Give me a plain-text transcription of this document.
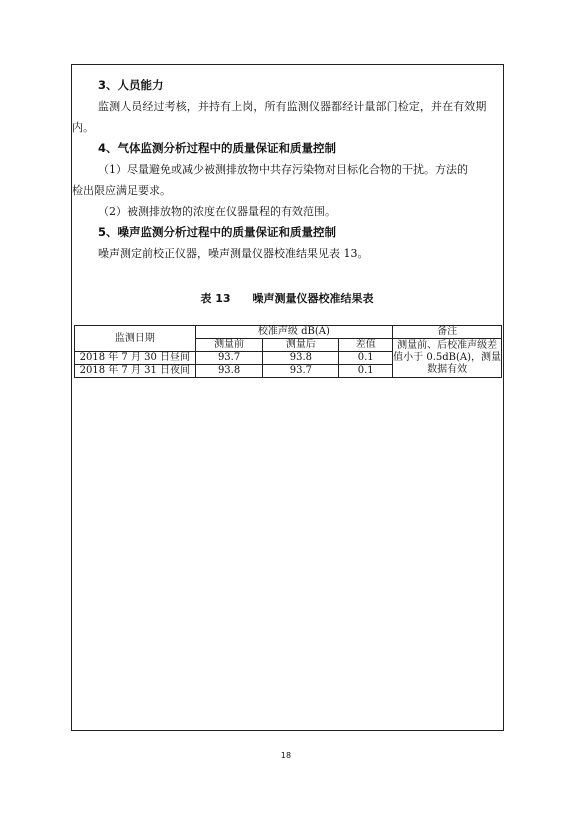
3、人员能力

监测人员经过考核，并持有上岗，所有监测仪器都经计量部门检定，并在有效期内。

4、气体监测分析过程中的质量保证和质量控制

（1）尽量避免或减少被测排放物中共存污染物对目标化合物的干扰。方法的

检出限应满足要求。

（2）被测排放物的浓度在仪器量程的有效范围。

5、噪声监测分析过程中的质量保证和质量控制

噪声测定前校正仪器，噪声测量仪器校准结果见表 13。

表 13　　噪声测量仪器校准结果表

监测日期	校准声级 dB(A)			备注
	测量前	测量后	差值	测量前、后校准声级差值小于 0.5dB(A)，测量数据有效
2018 年 7 月 30 日昼间	93.7	93.8	0.1	
2018 年 7 月 31 日夜间	93.8	93.7	0.1	
18
